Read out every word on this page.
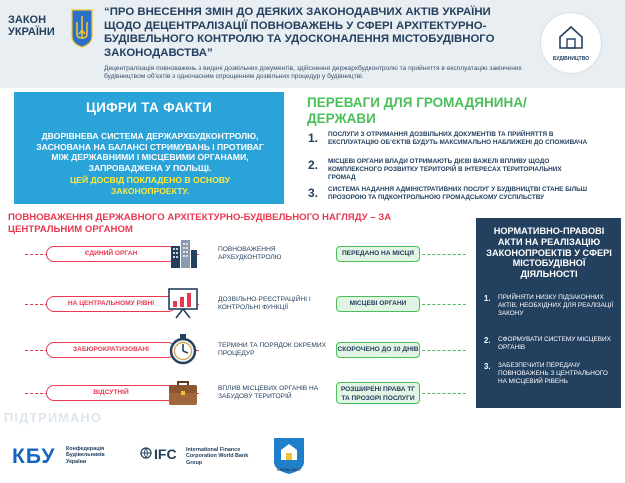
ЗАКОН УКРАЇНИ
“ПРО ВНЕСЕННЯ ЗМІН ДО ДЕЯКИХ ЗАКОНОДАВЧИХ АКТІВ УКРАЇНИ ЩОДО ДЕЦЕНТРАЛІЗАЦІЇ ПОВНОВАЖЕНЬ У СФЕРІ АРХІТЕКТУРНО-БУДІВЕЛЬНОГО КОНТРОЛЮ ТА УДОСКОНАЛЕННЯ МІСТОБУДІВНОГО ЗАКОНОДАВСТВА”
Децентралізація повноважень з видачі дозвільних документів, здійснення держархбудконтролю та прийняття в експлуатацію закінчених будівництвом об’єктів з одночасним спрощенням дозвільних процедур у будівництві.
БУДІВНИЦТВО
ЦИФРИ ТА ФАКТИ
ДВОРІВНЕВА СИСТЕМА ДЕРЖАРХБУДКОНТРОЛЮ, ЗАСНОВАНА НА БАЛАНСІ СТРИМУВАНЬ І ПРОТИВАГ МІЖ ДЕРЖАВНИМИ І МІСЦЕВИМИ ОРГАНАМИ, ЗАПРОВАДЖЕНА У ПОЛЬЩІ.
ЦЕЙ ДОСВІД ПОКЛАДЕНО В ОСНОВУ ЗАКОНОПРОЕКТУ.
ПЕРЕВАГИ ДЛЯ ГРОМАДЯНИНА/ДЕРЖАВИ
1. ПОСЛУГИ З ОТРИМАННЯ ДОЗВІЛЬНИХ ДОКУМЕНТІВ ТА ПРИЙНЯТТЯ В ЕКСПЛУАТАЦІЮ ОБ’ЄКТІВ БУДУТЬ МАКСИМАЛЬНО НАБЛИЖЕНІ ДО СПОЖИВАЧА
2. МІСЦЕВІ ОРГАНИ ВЛАДИ ОТРИМАЮТЬ ДІЄВІ ВАЖЕЛІ ВПЛИВУ ЩОДО КОМПЛЕКСНОГО РОЗВИТКУ ТЕРИТОРІЙ В ІНТЕРЕСАХ ТЕРИТОРІАЛЬНИХ ГРОМАД
3. СИСТЕМА НАДАННЯ АДМІНІСТРАТИВНИХ ПОСЛУГ У БУДІВНИЦТВІ СТАНЕ БІЛЬШ ПРОЗОРОЮ ТА ПІДКОНТРОЛЬНОЮ ГРОМАДСЬКОМУ СУСПІЛЬСТВУ
ПОВНОВАЖЕННЯ ДЕРЖАВНОГО АРХІТЕКТУРНО-БУДІВЕЛЬНОГО НАГЛЯДУ – ЗА ЦЕНТРАЛЬНИМ ОРГАНОМ
ЄДИНИЙ ОРГАН
ПОВНОВАЖЕННЯ АРХБУДКОНТРОЛЮ
ПЕРЕДАНО НА МІСЦЯ
НА ЦЕНТРАЛЬНОМУ РІВНІ
ДОЗВІЛЬНО-РЕЄСТРАЦІЙНІ І КОНТРОЛЬНІ ФУНКЦІЇ
МІСЦЕВІ ОРГАНИ
ЗАБЮРОКРАТИЗОВАНІ
ТЕРМІНИ ТА ПОРЯДОК ОКРЕМИХ ПРОЦЕДУР
СКОРОЧЕНО ДО 10 ДНІВ
ВІДСУТНІЙ
ВПЛИВ МІСЦЕВИХ ОРГАНІВ НА ЗАБУДОВУ ТЕРИТОРІЙ
РОЗШИРЕНІ ПРАВА ТГ ТА ПРОЗОРІ ПОСЛУГИ
НОРМАТИВНО-ПРАВОВІ АКТИ НА РЕАЛІЗАЦІЮ ЗАКОНОПРОЕКТІВ У СФЕРІ МІСТОБУДІВНОЇ ДІЯЛЬНОСТІ
1. ПРИЙНЯТИ НИЗКУ ПІДЗАКОННИХ АКТІВ, НЕОБХІДНИХ ДЛЯ РЕАЛІЗАЦІЇ ЗАКОНУ
2. СФОРМУВАТИ СИСТЕМУ МІСЦЕВИХ ОРГАНІВ
3. ЗАБЕЗПЕЧИТИ ПЕРЕДАЧУ ПОВНОВАЖЕНЬ З ЦЕНТРАЛЬНОГО НА МІСЦЕВИЙ РІВЕНЬ
ПІДТРИМАНО
КБУ Конфедерація Будівельників України	IFC International Finance Corporation World Bank Group
СПІЛКИ МІСТ
